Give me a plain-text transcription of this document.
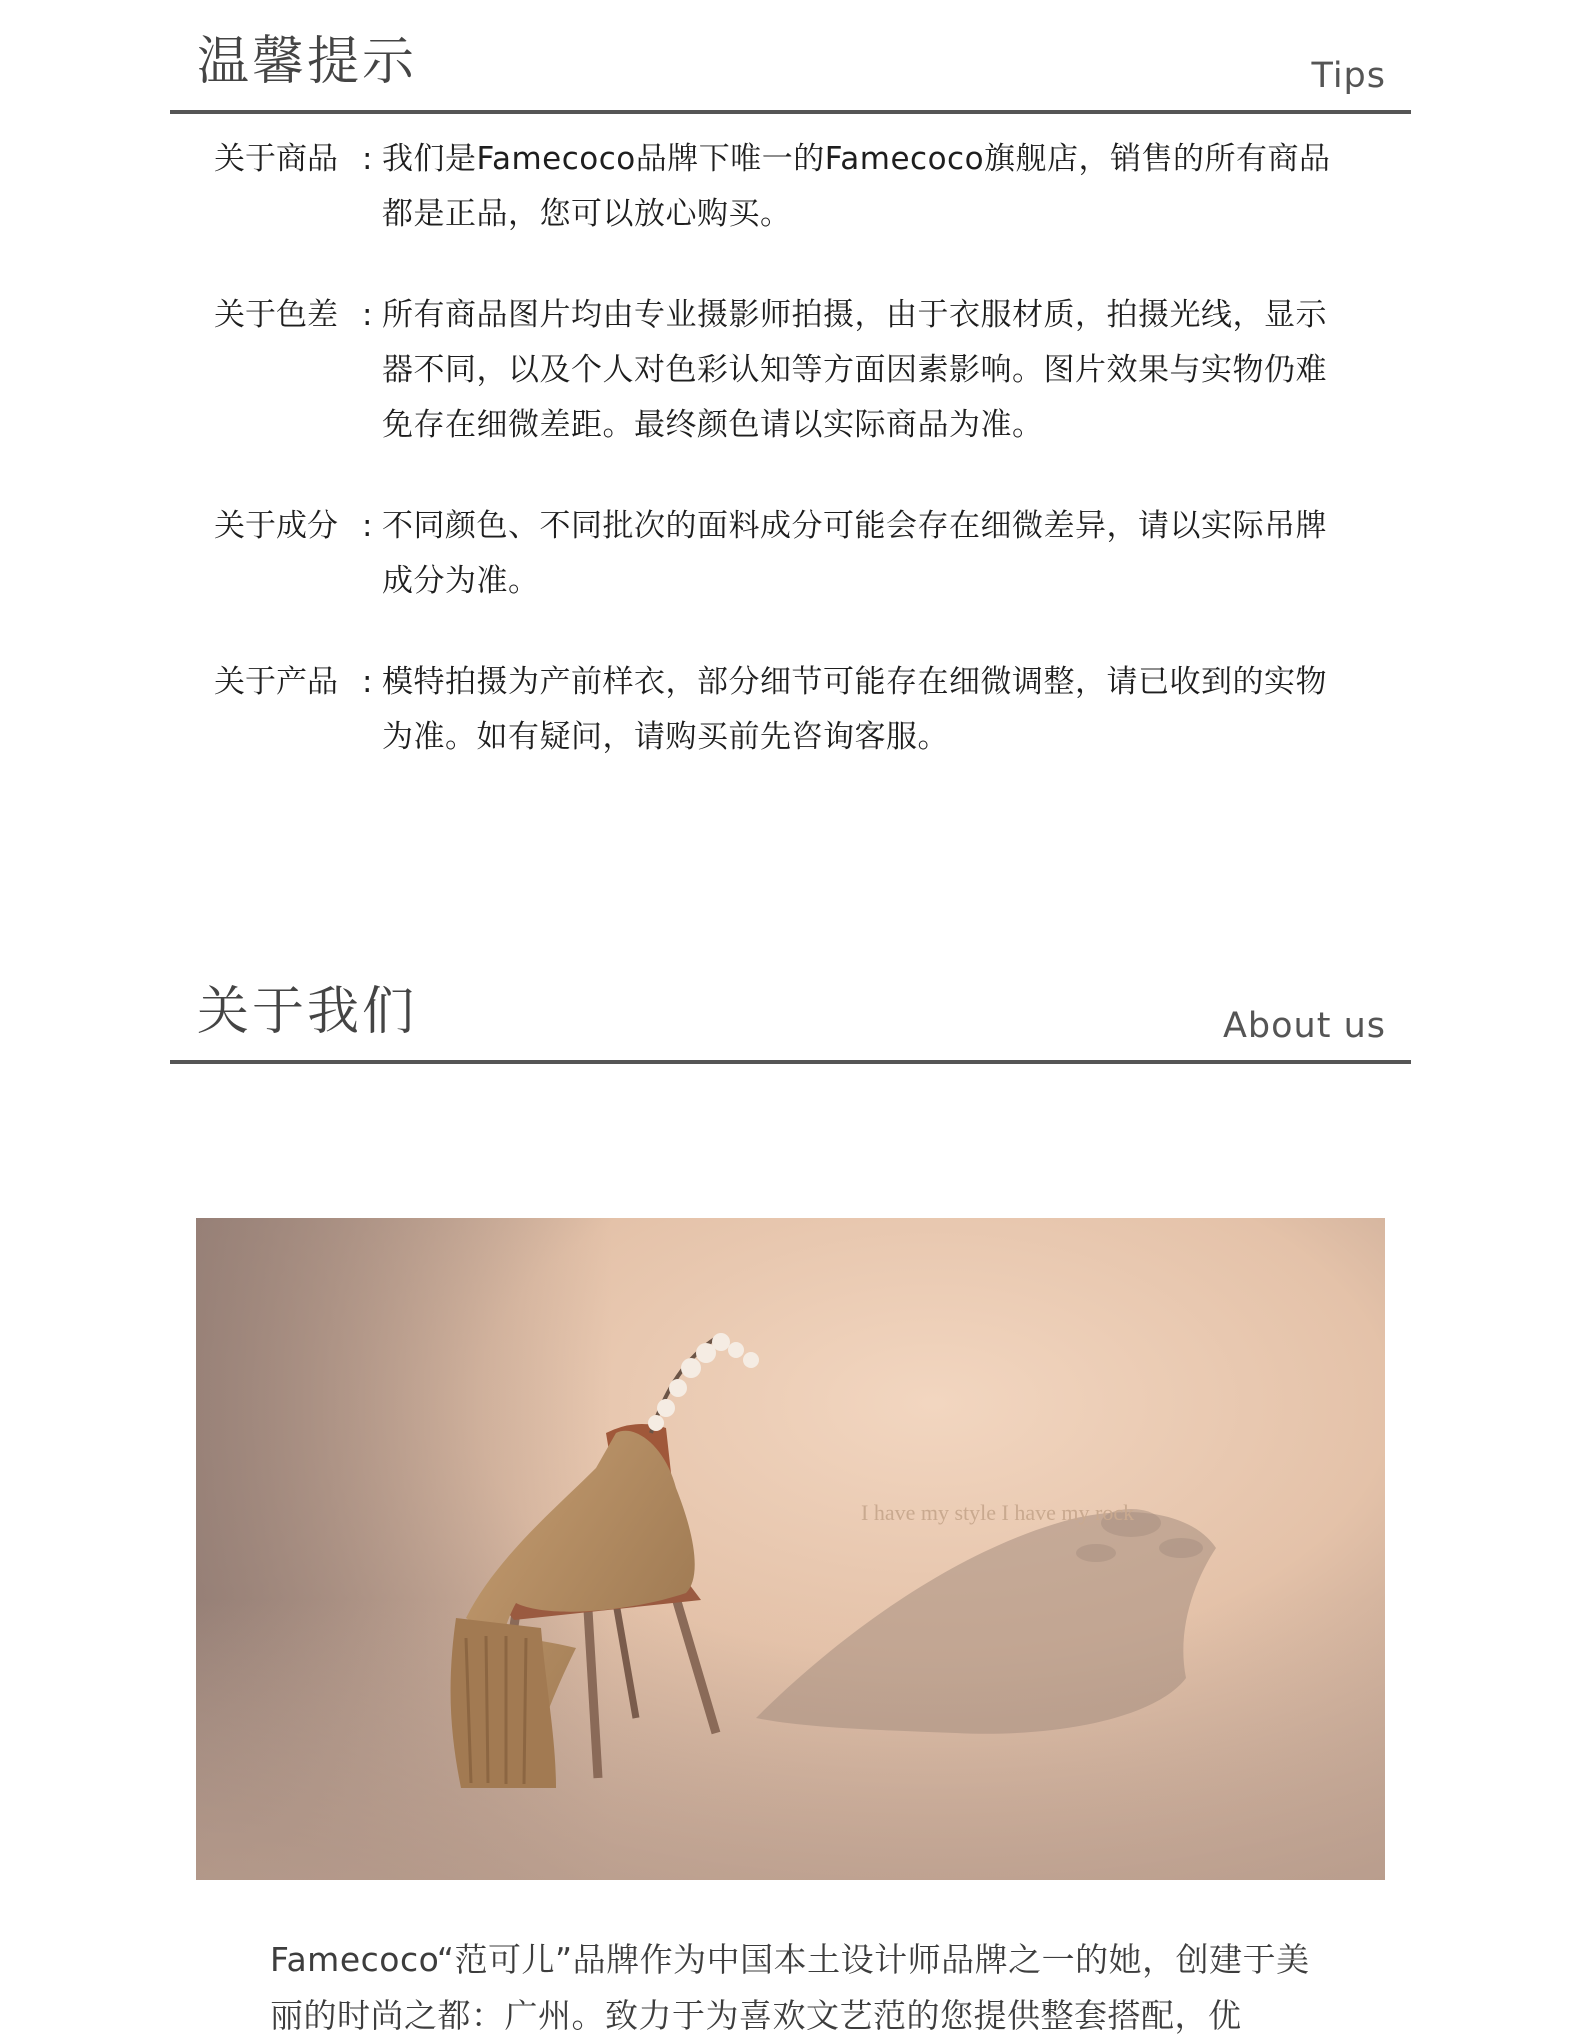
温馨提示	Tips
关于商品 : 我们是Famecoco品牌下唯一的Famecoco旗舰店，销售的所有商品都是正品，您可以放心购买。
关于色差 : 所有商品图片均由专业摄影师拍摄，由于衣服材质，拍摄光线，显示器不同，以及个人对色彩认知等方面因素影响。图片效果与实物仍难免存在细微差距。最终颜色请以实际商品为准。
关于成分 : 不同颜色、不同批次的面料成分可能会存在细微差异，请以实际吊牌成分为准。
关于产品 : 模特拍摄为产前样衣，部分细节可能存在细微调整，请已收到的实物为准。如有疑问，请购买前先咨询客服。
关于我们	About us
I have my style I have my rock
Famecoco“范可儿”品牌作为中国本土设计师品牌之一的她，创建于美丽的时尚之都：广州。致力于为喜欢文艺范的您提供整套搭配，优
